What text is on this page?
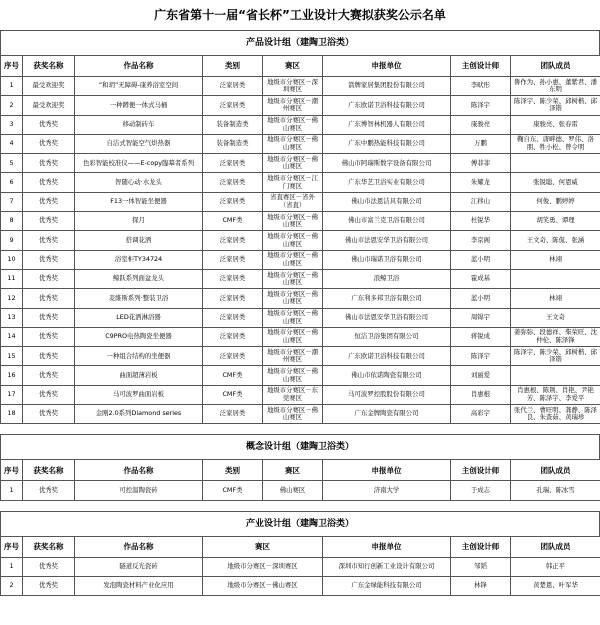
广东省第十一届“省长杯”工业设计大赛拟获奖公示名单
产品设计组（建陶卫浴类）
序号	获奖名称	作品名称	类别	赛区	申报单位	主创设计师	团队成员
1	最受欢迎奖	“和玥”无障碍-康养浴室空间	泛家居类	地级市分赛区－深圳赛区	箭牌家居集团股份有限公司	李畎彤	鲁作为、孙小惠、董紫君、潘东明
2	最受欢迎奖	一种蹲便一体式马桶	泛家居类	地级市分赛区－潮州赛区	广东欧诺卫浴科技有限公司	陈泽宇	陈泽宇、陈少荣、邱树楷、邱泽锴
3	优秀奖	移动制砖车	装备制造类	地级市分赛区－佛山赛区	广东博智林机器人有限公司	康骏亮	康骏亮、张春雷
4	优秀奖	自洁式智能空气烘热器	装备制造类	地级市分赛区－佛山赛区	广东中鹏热能科技有限公司	万鹏	鞠自东、唐畔德、罗伟、洛朋、牲小松、曾令明
5	优秀奖	色彩智能校准仪——E-copy臨摹者系列	泛家居类	地级市分赛区－佛山赛区	佛山市阿瑞斯数字设备有限公司	傅菲菲	
6	优秀奖	智随心动·水龙头	泛家居类	地级市分赛区－江门赛区	广东华艺卫浴实业有限公司	朱耀龙	张锐聪、何恩威
7	优秀奖	F13一体智能坐便器	泛家居类	省直赛区－省外（省直）	佛山市法恩洁具有限公司	江移山	何俊、鹏婷婷
8	优秀奖	探月	CMF类	地级市分赛区－佛山赛区	佛山市富兰克卫浴有限公司	杜锐华	胡笑勇、谭理
9	优秀奖	搭调花洒	泛家居类	地级市分赛区－佛山赛区	佛山市法恩安华卫浴有限公司	李京阁	王文奇、陈侃、张涵
10	优秀奖	浴室柜TY34724	泛家居类	地级市分赛区－佛山赛区	佛山市瑞诺卫浴有限公司	蓝小明	林翊
11	优秀奖	鲸跃系列面盆龙头	泛家居类	地级市分赛区－佛山赛区	浪鲸卫浴	霍成基	
12	优秀奖	麦維斯系列·整装卫浴	泛家居类	地级市分赛区－佛山赛区	广东利多邦卫浴有限公司	蓝小明	林翊
13	优秀奖	LED花洒淋浴器	泛家居类	地级市分赛区－佛山赛区	佛山市法恩安华卫浴有限公司	周锦宇	王文奇
14	优秀奖	C9PRO电热陶瓷坐便器	泛家居类	地级市分赛区－佛山赛区	恒洁卫浴集团有限公司	蒋锐成	姜弥弥、段德祥、柴荣旺、沈仲伦、陈泽锋
15	优秀奖	一种组合结构的坐便器	泛家居类	地级市分赛区－潮州赛区	广东欧诺卫浴科技有限公司	陈泽宇	陈泽宇、陈少荣、邱树楷、邱泽锴
16	优秀奖	曲面超薄岩板	CMF类	地级市分赛区－佛山赛区	佛山市依诺陶瓷有限公司	刘丽爱	
17	优秀奖	马可波罗曲面岩板	CMF类	地级市分赛区－东莞赛区	马可波罗控股股份有限公司	肖惠根	肖惠根、陈荆、肖艳、尹艳芳、陈泽宇、李爱平
18	优秀奖	金刚2.0系列Diamond series	泛家居类	地级市分赛区－佛山赛区	广东金牌陶瓷有限公司	高彩宇	张代兰、曹旺明、龚静、陈泽良、朱查茹、黄瑞珍
概念设计组（建陶卫浴类）
序号	获奖名称	作品名称	类别	赛区	申报单位	主创设计师	团队成员
1	优秀奖	可控温陶瓷砖	CMF类	佛山赛区	济南大学	于成志	孔瑞、陈冰雪
产业设计组（建陶卫浴类）
序号	获奖名称	作品名称	赛区	申报单位	主创设计师	团队成员
1	优秀奖	隧道反光瓷砖	地级市分赛区－深圳赛区	深圳市知行创新工业设计有限公司	邹韬	韩正平
2	优秀奖	发泡陶瓷材料产业化应用	地级市分赛区－佛山赛区	广东金绿能科技有限公司	林锋	黄楚恩、叶军华
